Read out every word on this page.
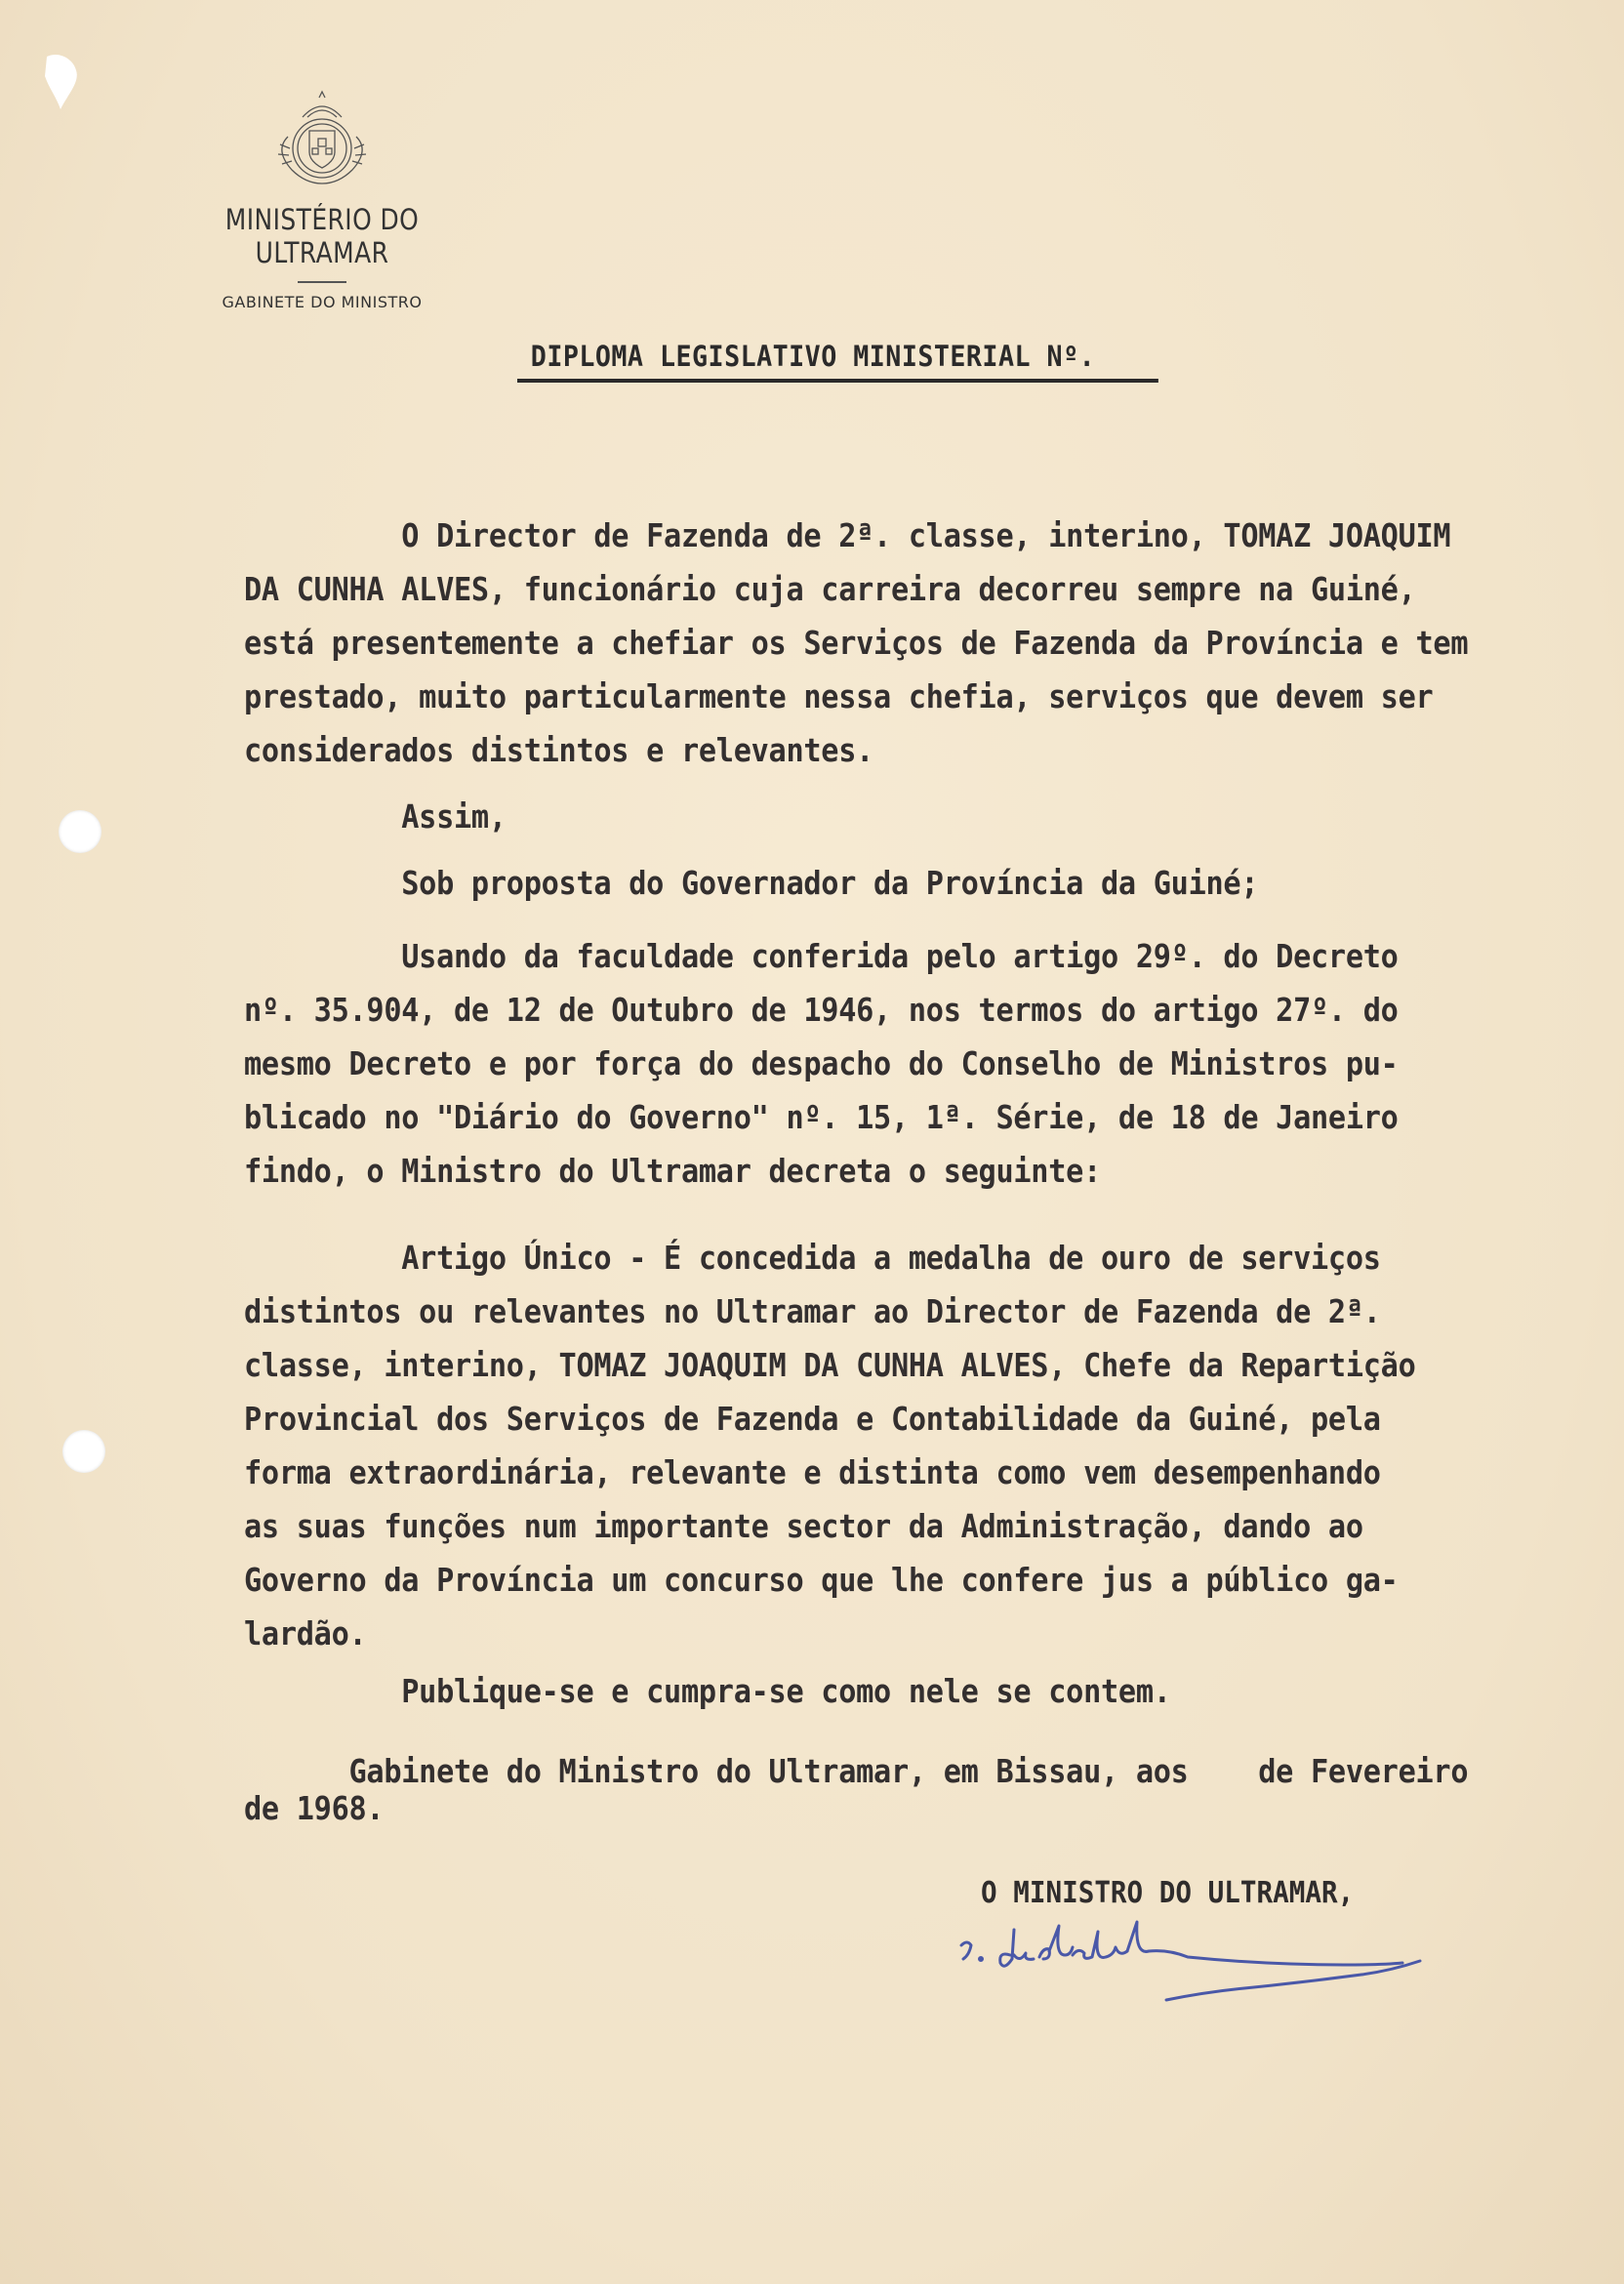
MINISTÉRIO DO ULTRAMAR
GABINETE DO MINISTRO
DIPLOMA LEGISLATIVO MINISTERIAL Nº.
O Director de Fazenda de 2ª. classe, interino, TOMAZ JOAQUIM
DA CUNHA ALVES, funcionário cuja carreira decorreu sempre na Guiné,
está presentemente a chefiar os Serviços de Fazenda da Província e tem
prestado, muito particularmente nessa chefia, serviços que devem ser
considerados distintos e relevantes.
Assim,
Sob proposta do Governador da Província da Guiné;
Usando da faculdade conferida pelo artigo 29º. do Decreto
nº. 35.904, de 12 de Outubro de 1946, nos termos do artigo 27º. do
mesmo Decreto e por força do despacho do Conselho de Ministros pu-
blicado no "Diário do Governo" nº. 15, 1ª. Série, de 18 de Janeiro
findo, o Ministro do Ultramar decreta o seguinte:
Artigo Único - É concedida a medalha de ouro de serviços
distintos ou relevantes no Ultramar ao Director de Fazenda de 2ª.
classe, interino, TOMAZ JOAQUIM DA CUNHA ALVES, Chefe da Repartição
Provincial dos Serviços de Fazenda e Contabilidade da Guiné, pela
forma extraordinária, relevante e distinta como vem desempenhando
as suas funções num importante sector da Administração, dando ao
Governo da Província um concurso que lhe confere jus a público ga-
lardão.
Publique-se e cumpra-se como nele se contem.
Gabinete do Ministro do Ultramar, em Bissau, aos    de Fevereiro
de 1968.
O MINISTRO DO ULTRAMAR,
